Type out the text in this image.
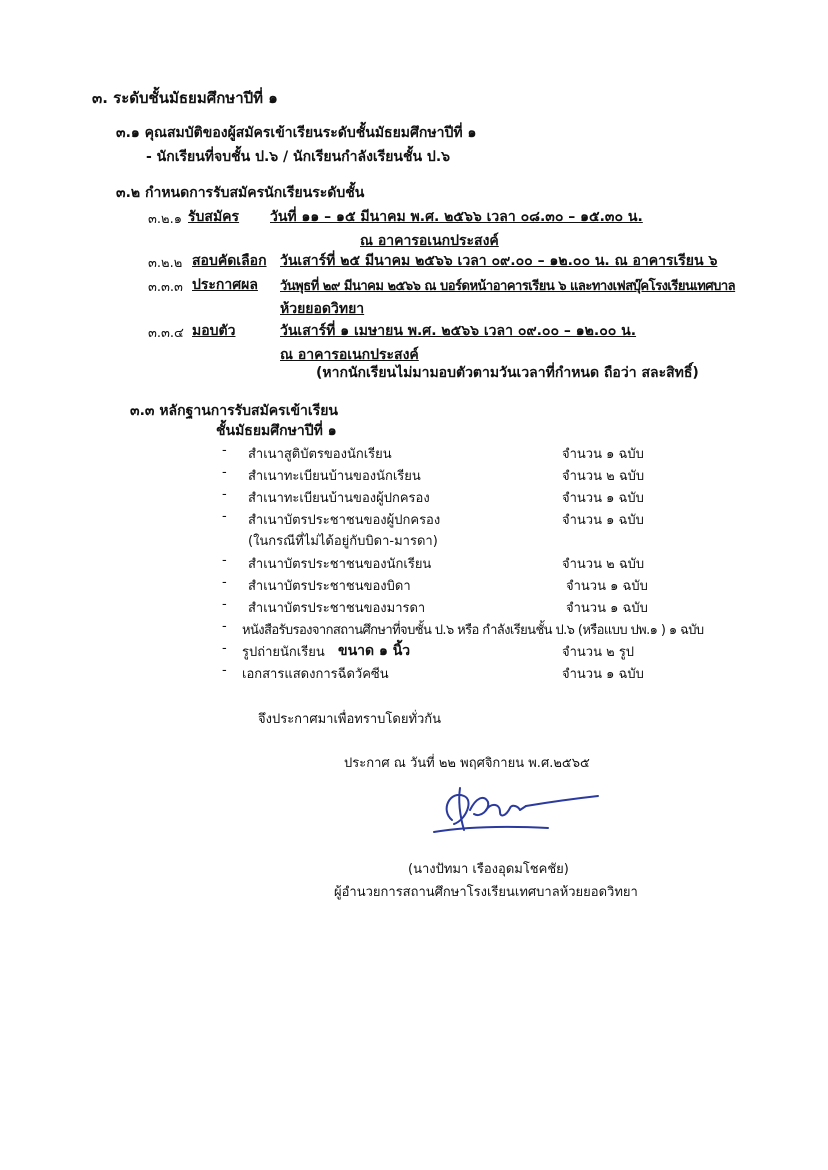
๓. ระดับชั้นมัธยมศึกษาปีที่ ๑
๓.๑ คุณสมบัติของผู้สมัครเข้าเรียนระดับชั้นมัธยมศึกษาปีที่ ๑
- นักเรียนที่จบชั้น ป.๖ / นักเรียนกำลังเรียนชั้น ป.๖
๓.๒ กำหนดการรับสมัครนักเรียนระดับชั้น
๓.๒.๑ รับสมัคร วันที่ ๑๑ – ๑๕ มีนาคม พ.ศ. ๒๕๖๖ เวลา ๐๘.๓๐ – ๑๕.๓๐ น.
ณ อาคารอเนกประสงค์
๓.๒.๒ สอบคัดเลือก วันเสาร์ที่ ๒๕ มีนาคม ๒๕๖๖ เวลา ๐๙.๐๐ – ๑๒.๐๐ น. ณ อาคารเรียน ๖
๓.๓.๓ ประกาศผล วันพุธที่ ๒๙ มีนาคม ๒๕๖๖ ณ บอร์ดหน้าอาคารเรียน ๖ และทางเฟสบุ๊คโรงเรียนเทศบาล
ห้วยยอดวิทยา
๓.๓.๔ มอบตัว	วันเสาร์ที่ ๑ เมษายน พ.ศ. ๒๕๖๖ เวลา ๐๙.๐๐ – ๑๒.๐๐ น.
ณ อาคารอเนกประสงค์
(หากนักเรียนไม่มามอบตัวตามวันเวลาที่กำหนด ถือว่า สละสิทธิ์)
๓.๓ หลักฐานการรับสมัครเข้าเรียน
ชั้นมัธยมศึกษาปีที่ ๑
- สำเนาสูติบัตรของนักเรียน	จำนวน ๑ ฉบับ
- สำเนาทะเบียนบ้านของนักเรียน	จำนวน ๒ ฉบับ
- สำเนาทะเบียนบ้านของผู้ปกครอง	จำนวน ๑ ฉบับ
- สำเนาบัตรประชาชนของผู้ปกครอง	จำนวน ๑ ฉบับ
(ในกรณีที่ไม่ได้อยู่กับบิดา-มารดา)
- สำเนาบัตรประชาชนของนักเรียน	จำนวน ๒ ฉบับ
- สำเนาบัตรประชาชนของบิดา	จำนวน ๑ ฉบับ
- สำเนาบัตรประชาชนของมารดา	จำนวน ๑ ฉบับ
- หนังสือรับรองจากสถานศึกษาที่จบชั้น ป.๖ หรือ กำลังเรียนชั้น ป.๖ (หรือแบบ ปพ.๑ ) ๑ ฉบับ
- รูปถ่ายนักเรียน ขนาด ๑ นิ้ว	จำนวน ๒ รูป
- เอกสารแสดงการฉีดวัคซีน	จำนวน ๑ ฉบับ
จึงประกาศมาเพื่อทราบโดยทั่วกัน
ประกาศ ณ วันที่ ๒๒ พฤศจิกายน พ.ศ.๒๕๖๕
(นางปัทมา เรืองอุดมโชคชัย)
ผู้อำนวยการสถานศึกษาโรงเรียนเทศบาลห้วยยอดวิทยา
